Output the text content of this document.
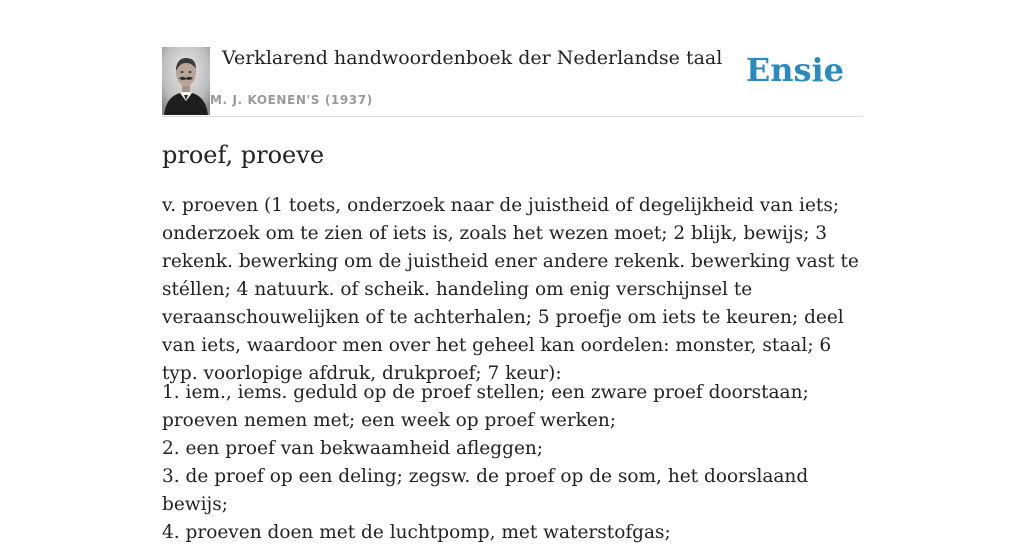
Verklarend handwoordenboek der Nederlandse taal
M. J. KOENEN'S (1937)
Ensie
proef, proeve

v. proeven (1 toets, onderzoek naar de juistheid of degelijkheid van iets; onderzoek om te zien of iets is, zoals het wezen moet; 2 blijk, bewijs; 3 rekenk. bewerking om de juistheid ener andere rekenk. bewerking vast te stéllen; 4 natuurk. of scheik. handeling om enig verschijnsel te veraanschouwelijken of te achterhalen; 5 proefje om iets te keuren; deel van iets, waardoor men over het geheel kan oordelen: monster, staal; 6 typ. voorlopige afdruk, drukproef; 7 keur):

1. iem., iems. geduld op de proef stellen; een zware proef doorstaan; proeven nemen met; een week op proef werken;
2. een proef van bekwaamheid afleggen;
3. de proef op een deling; zegsw. de proef op de som, het doorslaand bewijs;
4. proeven doen met de luchtpomp, met waterstofgas;
